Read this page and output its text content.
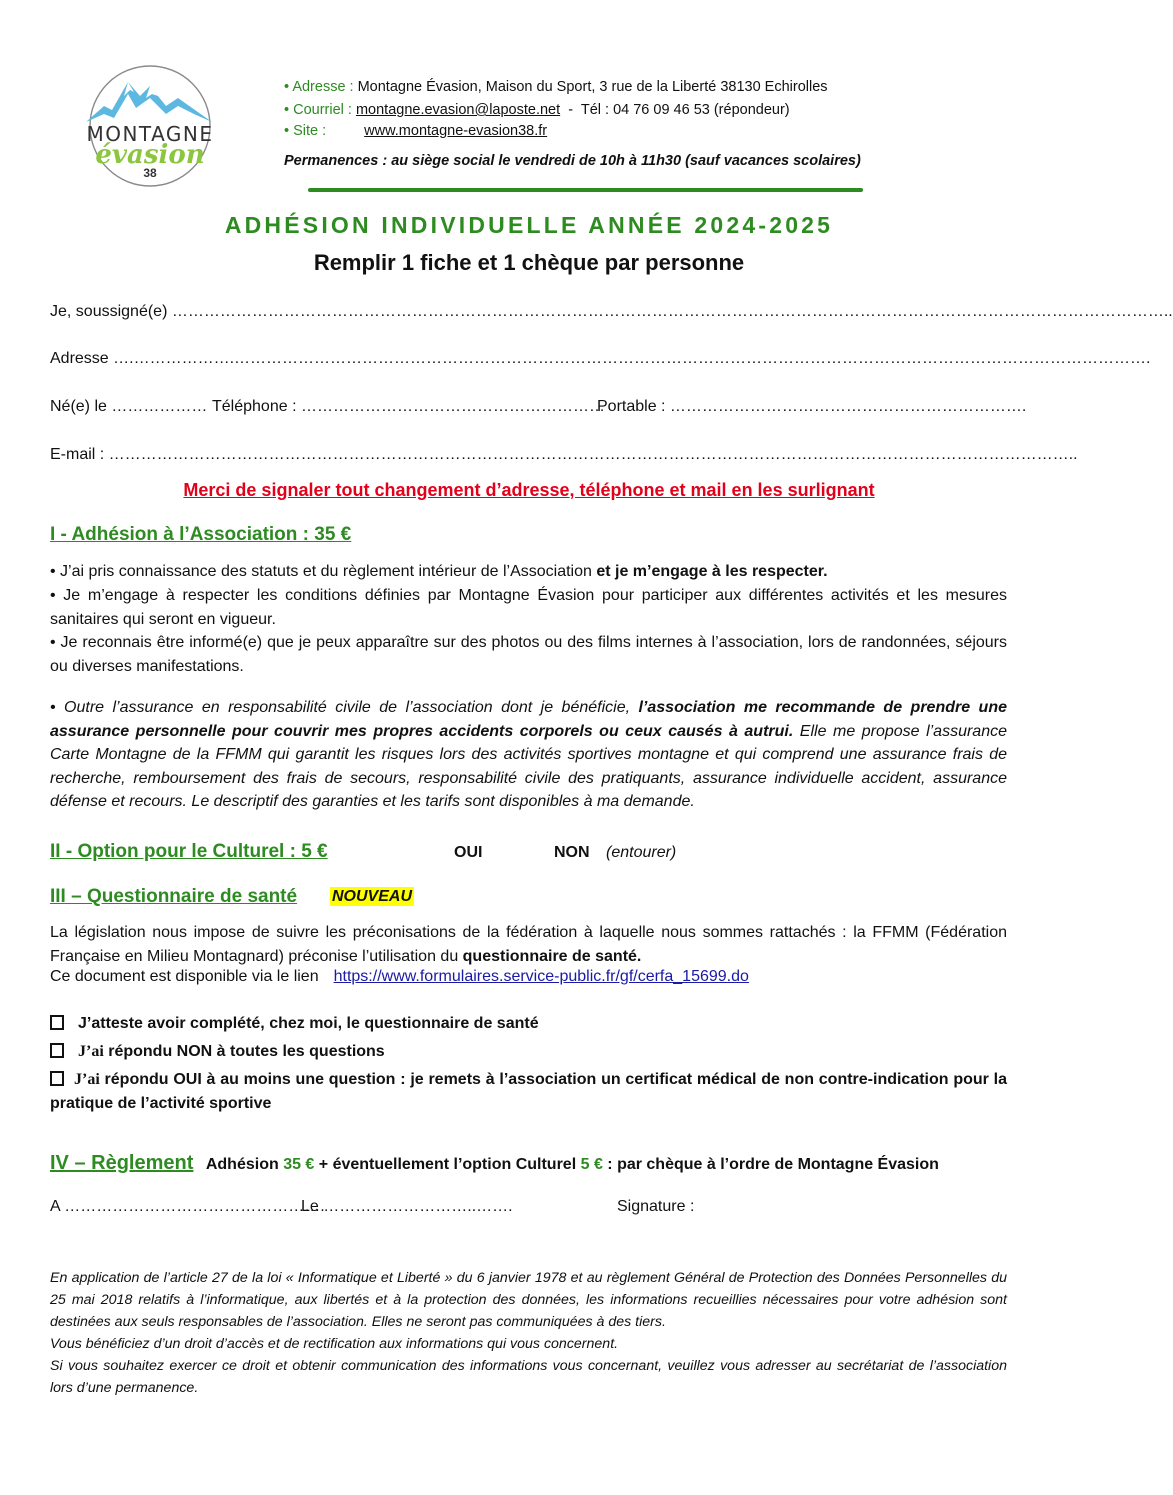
MONTAGNE
évasion
38
• Adresse : Montagne Évasion, Maison du Sport, 3 rue de la Liberté 38130 Echirolles
• Courriel : montagne.evasion@laposte.net - Tél : 04 76 09 46 53 (répondeur)
• Site :	www.montagne-evasion38.fr
Permanences : au siège social le vendredi de 10h à 11h30 (sauf vacances scolaires)
ADHÉSION INDIVIDUELLE ANNÉE 2024-2025
Remplir 1 fiche et 1 chèque par personne
Je, soussigné(e) ……………………………………………………………………………………………………………………………………………………………………..
Adresse ….……………….……………………………………………………………………………………………………………………………………………………….
Né(e) le ……………… Téléphone : …………………………………………………
Portable : ………………………………………………………….
E-mail : ………………………………………………………………………………………………………………………………………………………………..
Merci de signaler tout changement d’adresse, téléphone et mail en les surlignant
I - Adhésion à l’Association : 35 €
• J’ai pris connaissance des statuts et du règlement intérieur de l’Association et je m’engage à les respecter.
• Je m’engage à respecter les conditions définies par Montagne Évasion pour participer aux différentes activités et les mesures sanitaires qui seront en vigueur.
• Je reconnais être informé(e) que je peux apparaître sur des photos ou des films internes à l’association, lors de randonnées, séjours ou diverses manifestations.
• Outre l’assurance en responsabilité civile de l’association dont je bénéficie, l’association me recommande de prendre une assurance personnelle pour couvrir mes propres accidents corporels ou ceux causés à autrui. Elle me propose l’assurance Carte Montagne de la FFMM qui garantit les risques lors des activités sportives montagne et qui comprend une assurance frais de recherche, remboursement des frais de secours, responsabilité civile des pratiquants, assurance individuelle accident, assurance défense et recours. Le descriptif des garanties et les tarifs sont disponibles à ma demande.
II - Option pour le Culturel : 5 €	OUI	NON (entourer)
III – Questionnaire de santé NOUVEAU
La législation nous impose de suivre les préconisations de la fédération à laquelle nous sommes rattachés : la FFMM (Fédération Française en Milieu Montagnard) préconise l’utilisation du questionnaire de santé.
Ce document est disponible via le lien https://www.formulaires.service-public.fr/gf/cerfa_15699.do
J’atteste avoir complété, chez moi, le questionnaire de santé
J’ai répondu NON à toutes les questions
J’ai répondu OUI à au moins une question : je remets à l’association un certificat médical de non contre-indication pour la pratique de l’activité sportive
IV – Règlement Adhésion 35 € + éventuellement l’option Culturel 5 € : par chèque à l’ordre de Montagne Évasion
A ………………………………………….
Le ………………………..…….	Signature :
En application de l’article 27 de la loi « Informatique et Liberté » du 6 janvier 1978 et au règlement Général de Protection des Données Personnelles du 25 mai 2018 relatifs à l’informatique, aux libertés et à la protection des données, les informations recueillies nécessaires pour votre adhésion sont destinées aux seuls responsables de l’association. Elles ne seront pas communiquées à des tiers.
Vous bénéficiez d’un droit d’accès et de rectification aux informations qui vous concernent.
Si vous souhaitez exercer ce droit et obtenir communication des informations vous concernant, veuillez vous adresser au secrétariat de l’association lors d’une permanence.
